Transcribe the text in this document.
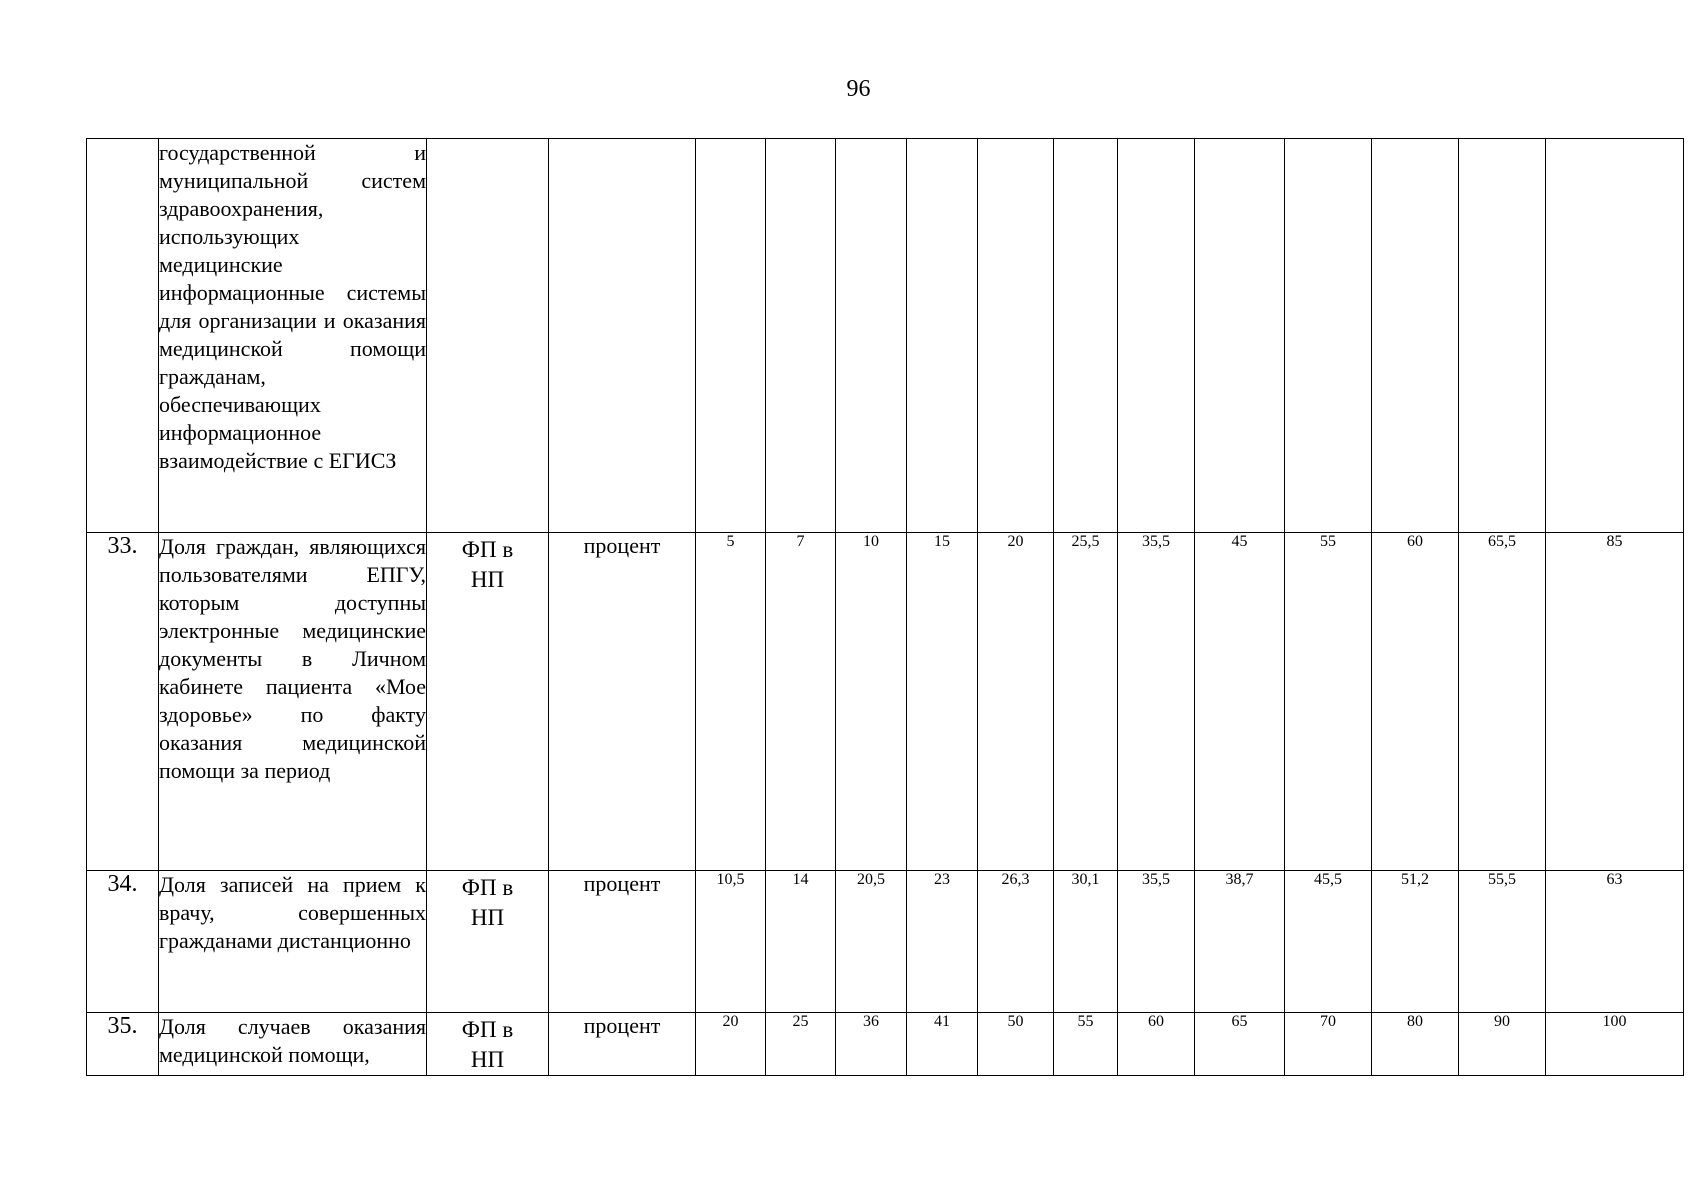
96
	государственной и муниципальной систем здравоохранения, использующих медицинские информационные системы для организации и оказания медицинской помощи гражданам, обеспечивающих информационное взаимодействие с ЕГИСЗ														
33.	Доля граждан, являющихся пользователями ЕПГУ, которым доступны электронные медицинские документы в Личном кабинете пациента «Мое здоровье» по факту оказания медицинской помощи за период	ФП в НП	процент	5	7	10	15	20	25,5	35,5	45	55	60	65,5	85
34.	Доля записей на прием к врачу, совершенных гражданами дистанционно	ФП в НП	процент	10,5	14	20,5	23	26,3	30,1	35,5	38,7	45,5	51,2	55,5	63
35.	Доля случаев оказания медицинской помощи,	ФП в НП	процент	20	25	36	41	50	55	60	65	70	80	90	100
